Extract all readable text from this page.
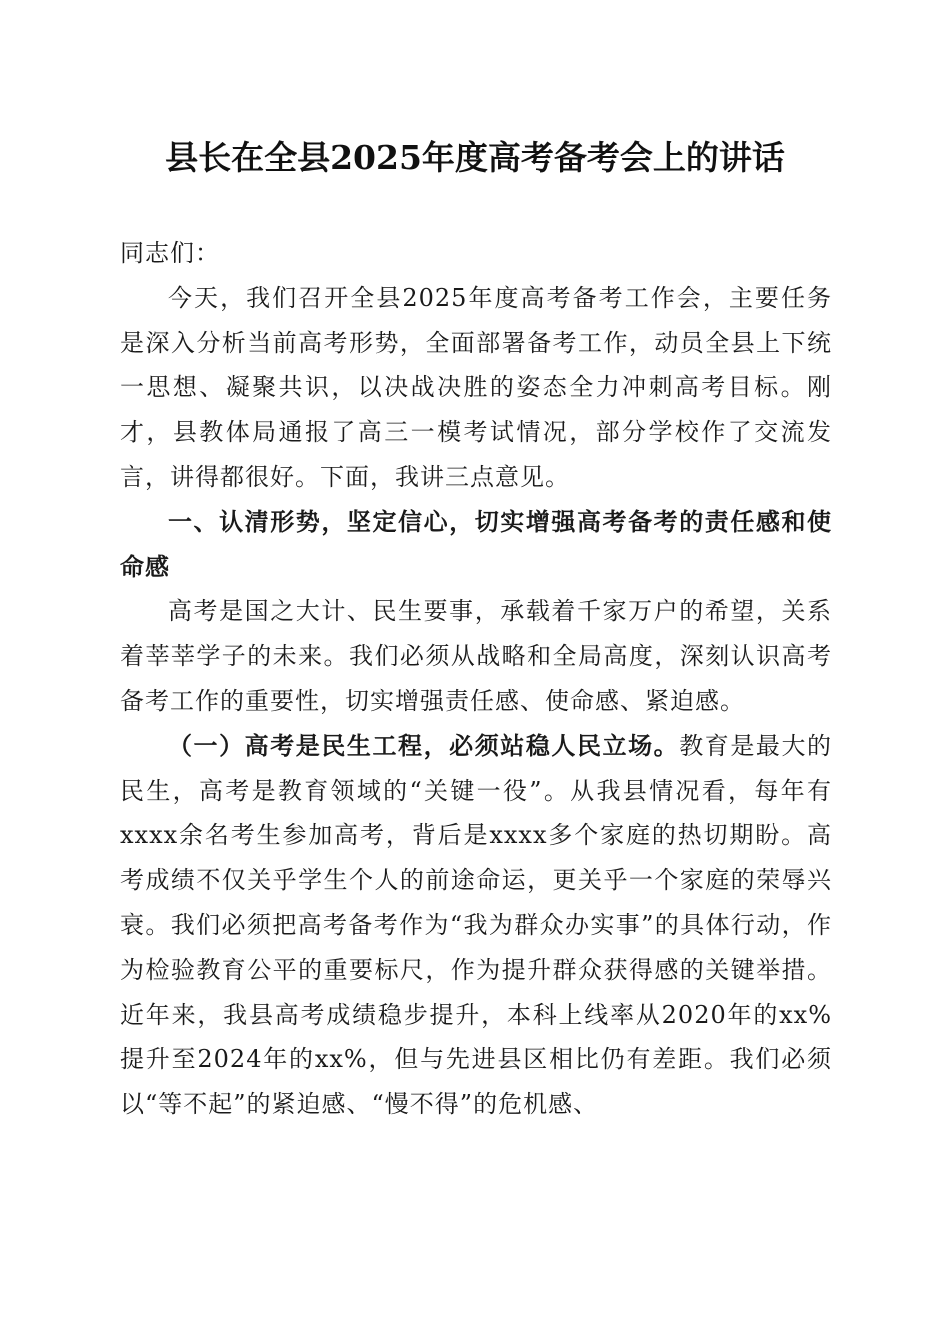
县长在全县2025年度高考备考会上的讲话

同志们：

今天，我们召开全县2025年度高考备考工作会，主要任务是深入分析当前高考形势，全面部署备考工作，动员全县上下统一思想、凝聚共识，以决战决胜的姿态全力冲刺高考目标。刚才，县教体局通报了高三一模考试情况，部分学校作了交流发言，讲得都很好。下面，我讲三点意见。

一、认清形势，坚定信心，切实增强高考备考的责任感和使命感

高考是国之大计、民生要事，承载着千家万户的希望，关系着莘莘学子的未来。我们必须从战略和全局高度，深刻认识高考备考工作的重要性，切实增强责任感、使命感、紧迫感。

（一）高考是民生工程，必须站稳人民立场。教育是最大的民生，高考是教育领域的“关键一役”。从我县情况看，每年有xxxx余名考生参加高考，背后是xxxx多个家庭的热切期盼。高考成绩不仅关乎学生个人的前途命运，更关乎一个家庭的荣辱兴衰。我们必须把高考备考作为“我为群众办实事”的具体行动，作为检验教育公平的重要标尺，作为提升群众获得感的关键举措。近年来，我县高考成绩稳步提升，本科上线率从2020年的xx%提升至2024年的xx%，但与先进县区相比仍有差距。我们必须以“等不起”的紧迫感、“慢不得”的危机感、
